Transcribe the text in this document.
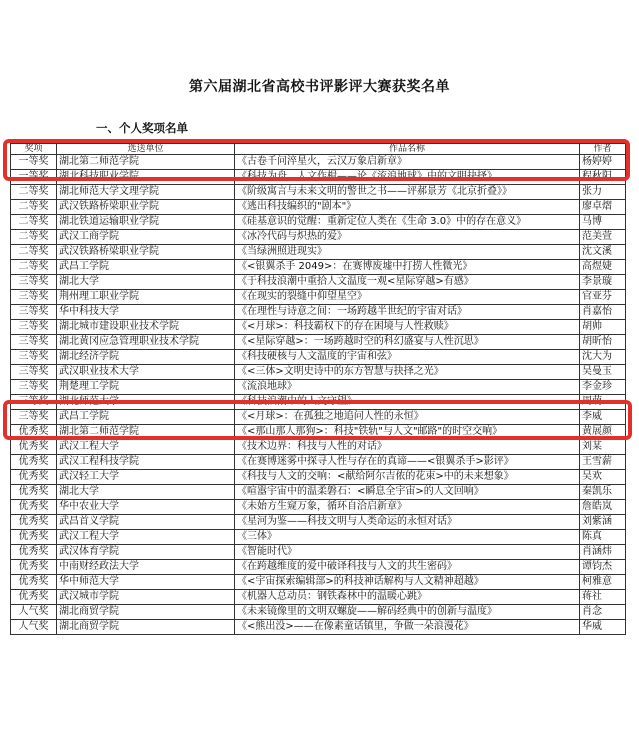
第六届湖北省高校书评影评大赛获奖名单
一、个人奖项名单
奖项	选送单位	作品名称	作者
一等奖	湖北第二师范学院	《古卷千问淬星火，云汉万象启新章》	杨婷婷
一等奖	湖北科技职业学院	《科技为舟，人文作楫——论《流浪地球》中的文明抉择》	程秋阳
二等奖	湖北师范大学文理学院	《阶级寓言与未来文明的警世之书——评郝景芳《北京折叠》》	张力
二等奖	武汉铁路桥梁职业学院	《逃出科技编织的"剧本"》	廖卓熠
二等奖	湖北铁道运输职业学院	《硅基意识的觉醒：重新定位人类在《生命 3.0》中的存在意义》	马博
二等奖	武汉工商学院	《冰冷代码与炽热的爱》	范美萱
二等奖	武汉铁路桥梁职业学院	《当绿洲照进现实》	沈文溪
二等奖	武昌工学院	《<银翼杀手 2049>：在赛博废墟中打捞人性微光》	高煜婕
三等奖	湖北大学	《于科技浪潮中重拾人文温度一观<星际穿越>有感》	李景璇
三等奖	荆州理工职业学院	《在现实的裂缝中仰望星空》	官亚芬
三等奖	华中科技大学	《在理性与诗意之间：一场跨越半世纪的宇宙对话》	肖嘉怡
三等奖	湖北城市建设职业技术学院	《<月球>：科技霸权下的存在困境与人性救赎》	胡帅
三等奖	湖北黄冈应急管理职业技术学院	《<星际穿越>：一场跨越时空的科幻盛宴与人性沉思》	胡昕怡
三等奖	湖北经济学院	《科技硬核与人文温度的宇宙和弦》	沈大为
三等奖	武汉职业技术大学	《<三体>文明史诗中的东方智慧与抉择之光》	吴曼玉
三等奖	荆楚理工学院	《流浪地球》	李金珍
三等奖	湖北师范大学	《科技浪潮中的人文守望》	周萌
三等奖	武昌工学院	《<月球>：在孤独之地追问人性的永恒》	李威
优秀奖	湖北第二师范学院	《<那山那人那狗>：科技"铁轨"与人文"邮路"的时空交响》	黄展颜
优秀奖	武汉工程大学	《技术边界：科技与人性的对话》	刘某
优秀奖	武汉工程科技学院	《在赛博迷雾中探寻人性与存在的真谛——<银翼杀手>影评》	王雪薪
优秀奖	武汉轻工大学	《科技与人文的交响：<献给阿尔吉侬的花束>中的未来想象》	吴欢
优秀奖	湖北大学	《喧嚣宇宙中的温柔磐石：<瞬息全宇宙>的人文回响》	秦凯乐
优秀奖	华中农业大学	《未始方生窥万象，循环自洽启新章》	詹皓岚
优秀奖	武昌首义学院	《星河为鉴——科技文明与人类命运的永恒对话》	刘紫涵
优秀奖	武汉工程大学	《三体》	陈真
优秀奖	武汉体育学院	《智能时代》	肖涵炜
优秀奖	中南财经政法大学	《在跨越维度的爱中破译科技与人文的共生密码》	谭钧杰
优秀奖	华中师范大学	《<宇宙探索编辑部>的科技神话解构与人文精神超越》	柯雅意
优秀奖	武汉城市学院	《机器人总动员：钢铁森林中的温暖心跳》	蒋社
人气奖	湖北商贸学院	《未来镜像里的文明双螺旋——解码经典中的创新与温度》	肖念
人气奖	湖北商贸学院	《<熊出没>——在像素童话镇里，争做一朵浪漫花》	华威
